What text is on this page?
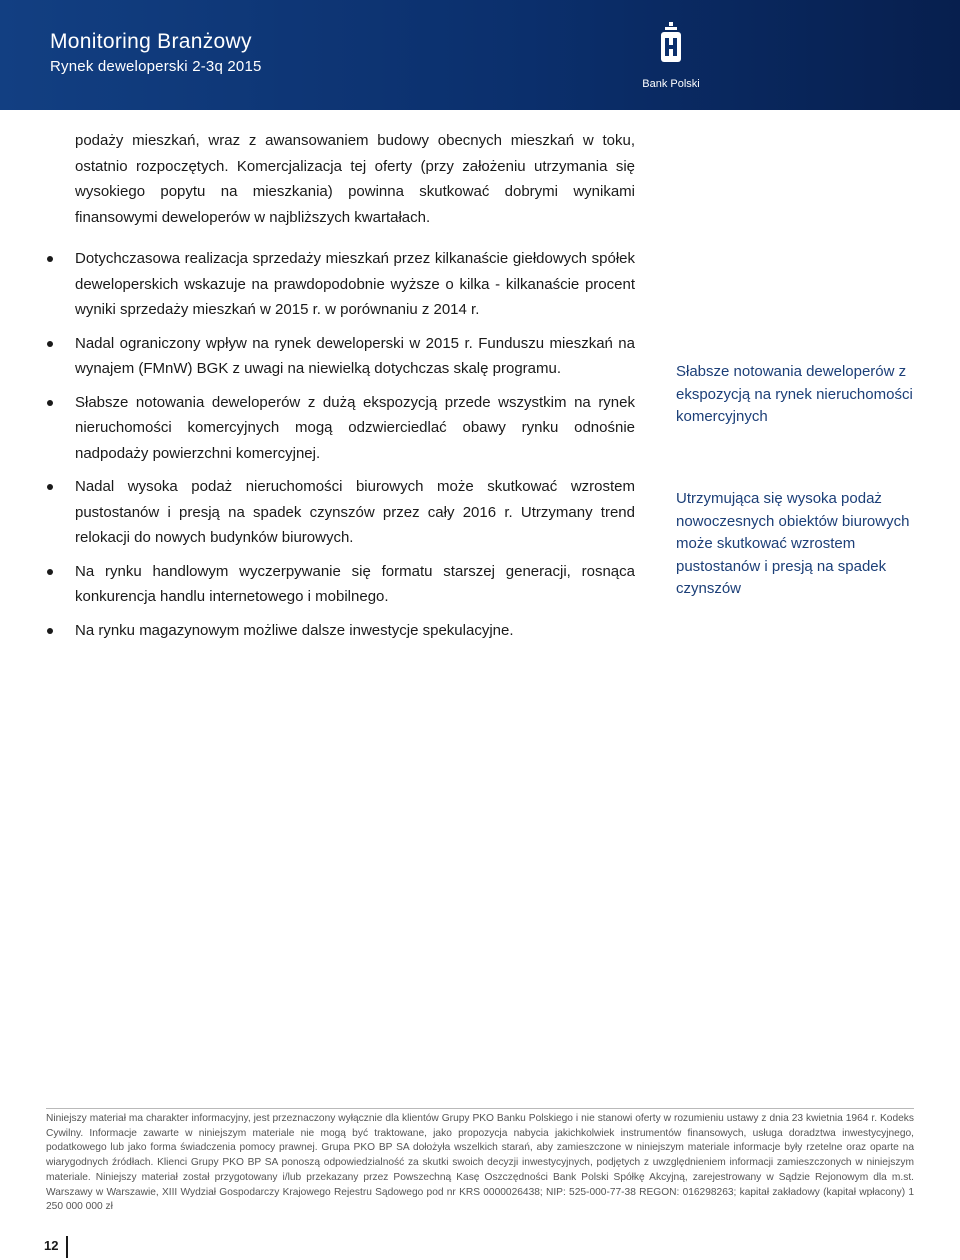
Monitoring Branżowy
Rynek deweloperski 2-3q 2015
Bank Polski

podaży mieszkań, wraz z awansowaniem budowy obecnych mieszkań w toku, ostatnio rozpoczętych. Komercjalizacja tej oferty (przy założeniu utrzymania się wysokiego popytu na mieszkania) powinna skutkować dobrymi wynikami finansowymi deweloperów w najbliższych kwartałach.

Dotychczasowa realizacja sprzedaży mieszkań przez kilkanaście giełdowych spółek deweloperskich wskazuje na prawdopodobnie wyższe o kilka - kilkanaście procent wyniki sprzedaży mieszkań w 2015 r. w porównaniu z 2014 r.
Nadal ograniczony wpływ na rynek deweloperski w 2015 r. Funduszu mieszkań na wynajem (FMnW) BGK z uwagi na niewielką dotychczas skalę programu.
Słabsze notowania deweloperów z dużą ekspozycją przede wszystkim na rynek nieruchomości komercyjnych mogą odzwierciedlać obawy rynku odnośnie nadpodaży powierzchni komercyjnej.
Nadal wysoka podaż nieruchomości biurowych może skutkować wzrostem pustostanów i presją na spadek czynszów przez cały 2016 r. Utrzymany trend relokacji do nowych budynków biurowych.
Na rynku handlowym wyczerpywanie się formatu starszej generacji, rosnąca konkurencja handlu internetowego i mobilnego.
Na rynku magazynowym możliwe dalsze inwestycje spekulacyjne.
Słabsze notowania deweloperów z ekspozycją na rynek nieruchomości komercyjnych
Utrzymująca się wysoka podaż nowoczesnych obiektów biurowych może skutkować wzrostem pustostanów i presją na spadek czynszów
Niniejszy materiał ma charakter informacyjny, jest przeznaczony wyłącznie dla klientów Grupy PKO Banku Polskiego i nie stanowi oferty w rozumieniu ustawy z dnia 23 kwietnia 1964 r. Kodeks Cywilny. Informacje zawarte w niniejszym materiale nie mogą być traktowane, jako propozycja nabycia jakichkolwiek instrumentów finansowych, usługa doradztwa inwestycyjnego, podatkowego lub jako forma świadczenia pomocy prawnej. Grupa PKO BP SA dołożyła wszelkich starań, aby zamieszczone w niniejszym materiale informacje były rzetelne oraz oparte na wiarygodnych źródłach. Klienci Grupy PKO BP SA ponoszą odpowiedzialność za skutki swoich decyzji inwestycyjnych, podjętych z uwzględnieniem informacji zamieszczonych w niniejszym materiale. Niniejszy materiał został przygotowany i/lub przekazany przez Powszechną Kasę Oszczędności Bank Polski Spółkę Akcyjną, zarejestrowany w Sądzie Rejonowym dla m.st. Warszawy w Warszawie, XIII Wydział Gospodarczy Krajowego Rejestru Sądowego pod nr KRS 0000026438; NIP: 525-000-77-38 REGON: 016298263; kapitał zakładowy (kapitał wpłacony) 1 250 000 000 zł
12
